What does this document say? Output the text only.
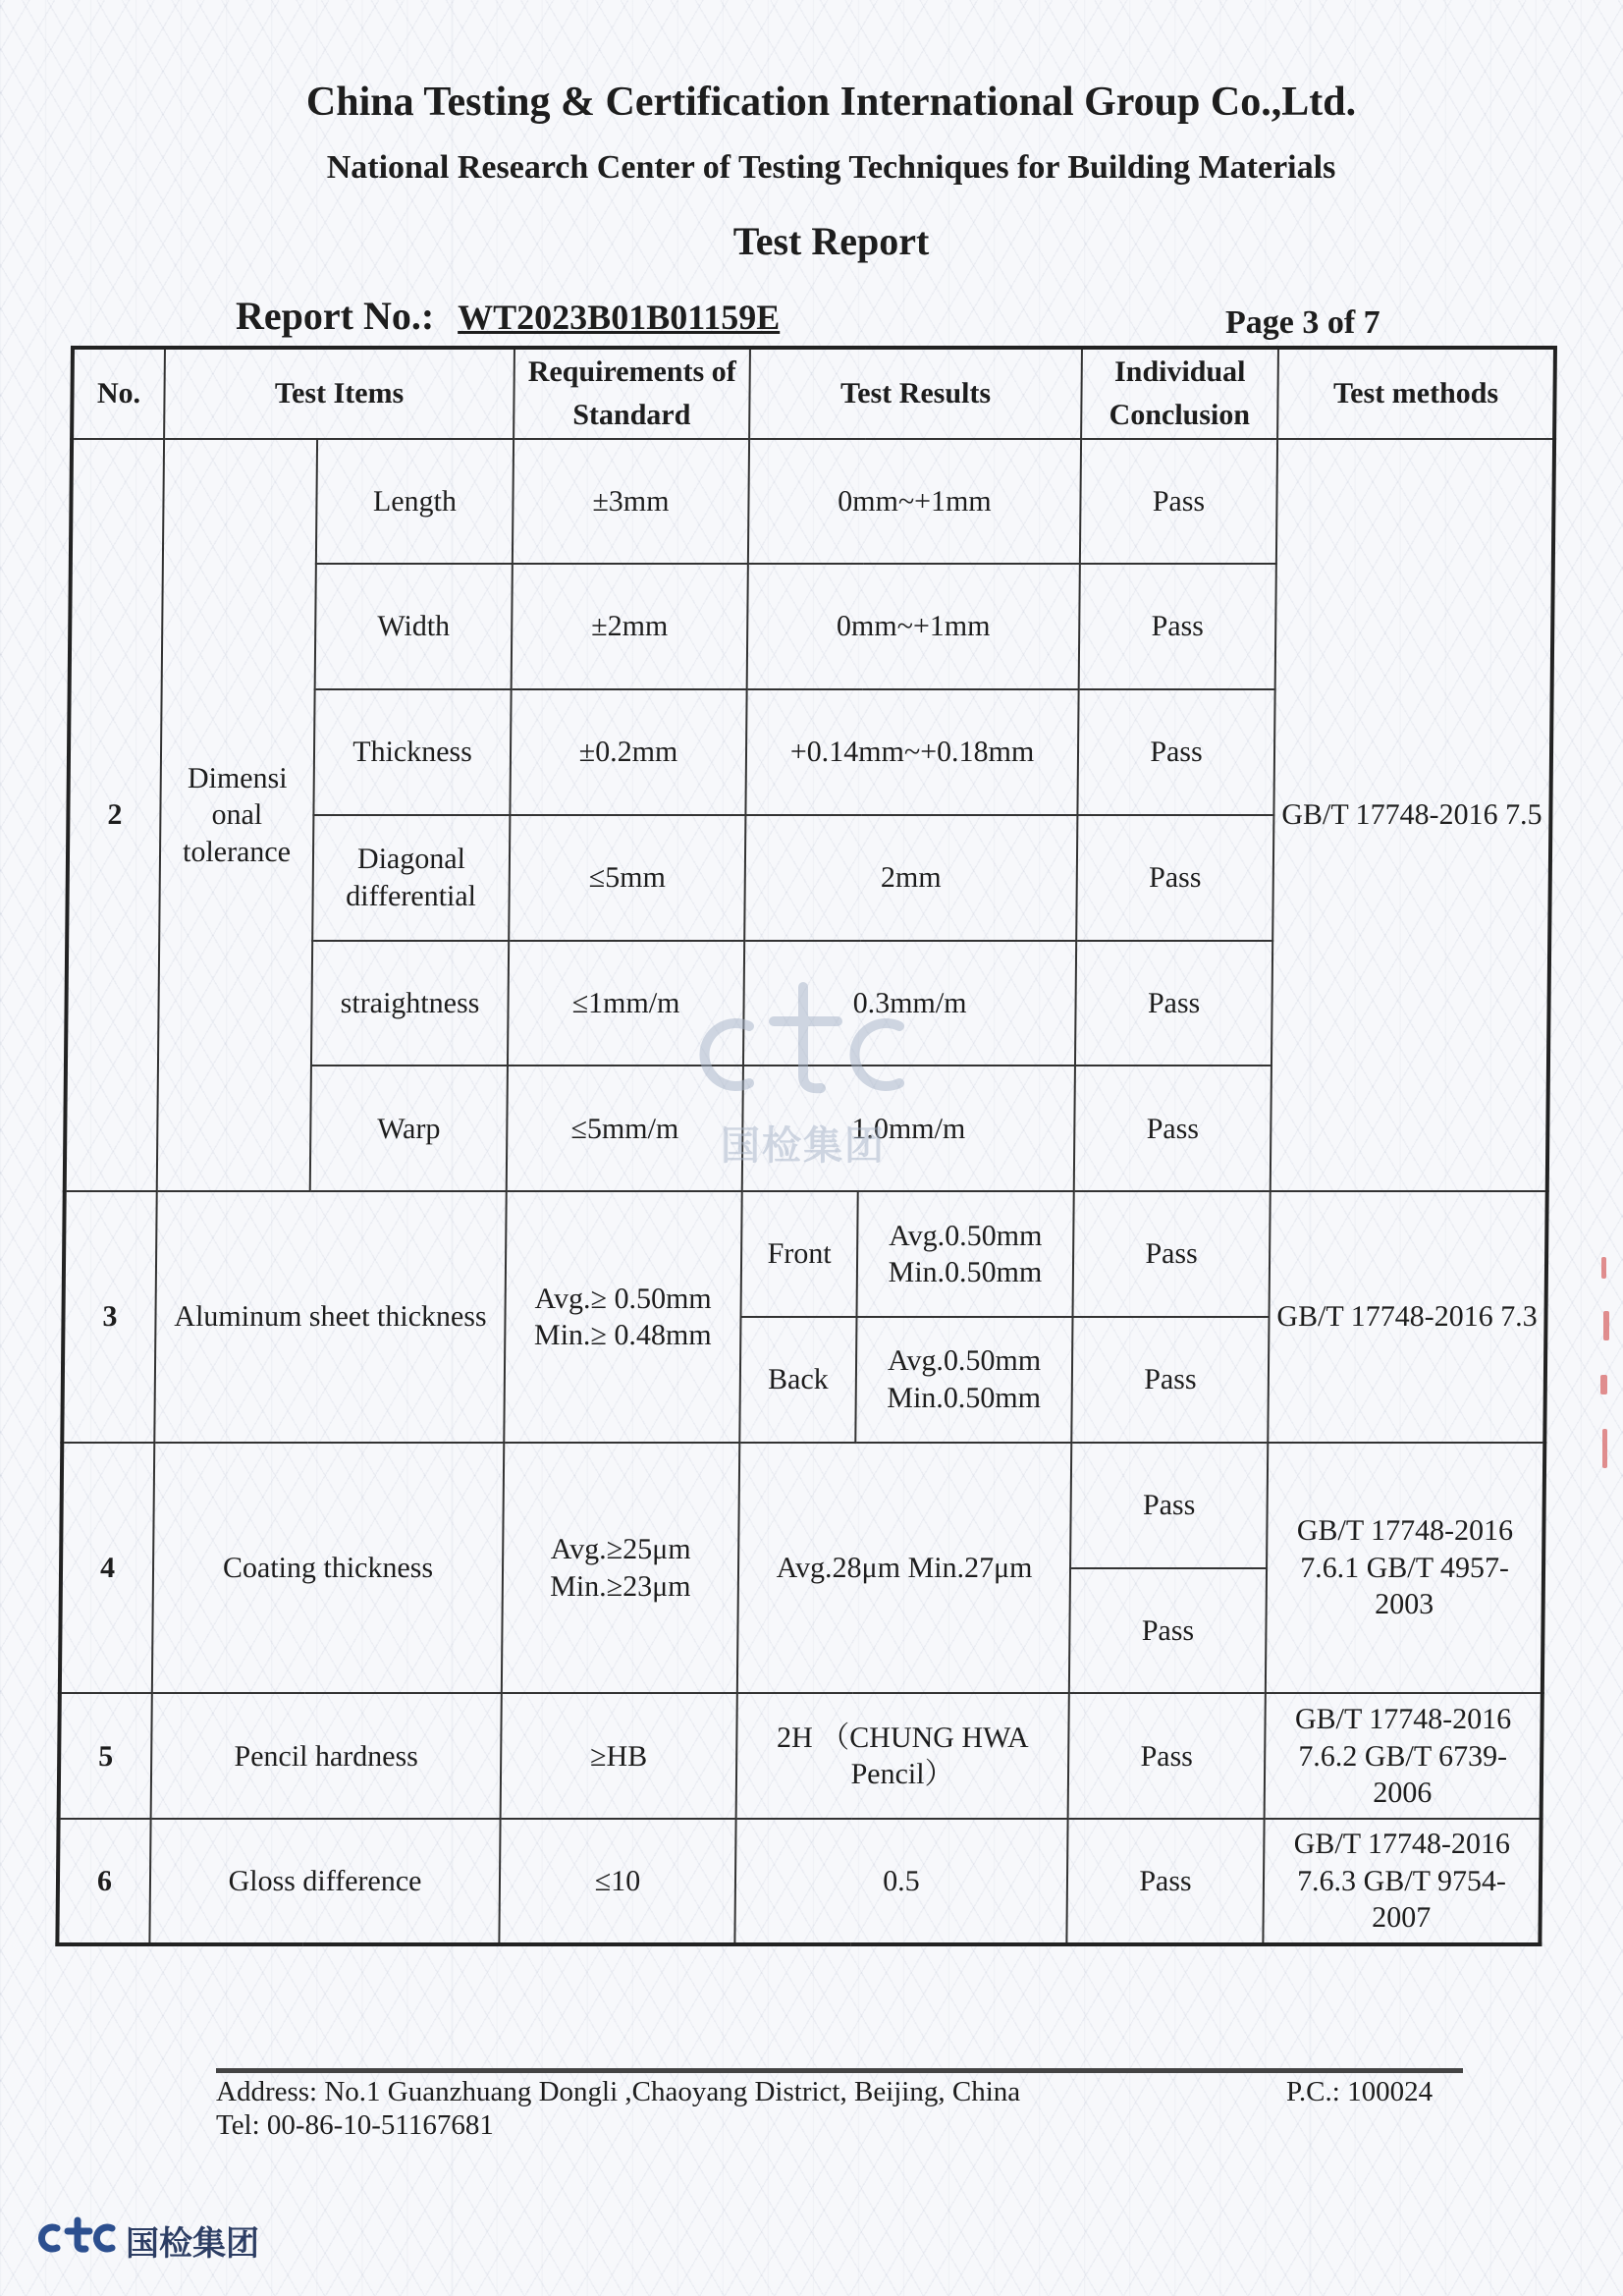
China Testing & Certification International Group Co.,Ltd.
National Research Center of Testing Techniques for Building Materials
Test Report
Report No.: WT2023B01B01159E	Page 3 of 7
No.	Test Items		Requirements of Standard	Test Results		Individual Conclusion	Test methods
2	Dimensi onal tolerance	Length	±3mm	0mm~+1mm		Pass	GB/T 17748-2016 7.5
		Width	±2mm	0mm~+1mm		Pass	
		Thickness	±0.2mm	+0.14mm~+0.18mm		Pass	
		Diagonal differential	≤5mm	2mm		Pass	
		straightness	≤1mm/m	0.3mm/m		Pass	
		Warp	≤5mm/m	1.0mm/m		Pass	
3	Aluminum sheet thickness		Avg.≥ 0.50mm Min.≥ 0.48mm	Front	Avg.0.50mm Min.0.50mm	Pass	GB/T 17748-2016 7.3
				Back	Avg.0.50mm Min.0.50mm	Pass	
4	Coating thickness		Avg.≥25μm Min.≥23μm	Avg.28μm Min.27μm		Pass	GB/T 17748-2016 7.6.1 GB/T 4957-2003
						Pass	
5	Pencil hardness		≥HB	2H （CHUNG HWA Pencil）		Pass	GB/T 17748-2016 7.6.2 GB/T 6739-2006
6	Gloss difference		≤10	0.5		Pass	GB/T 17748-2016 7.6.3 GB/T 9754-2007
国检集团
Address: No.1 Guanzhuang Dongli ,Chaoyang District, Beijing, China
Tel: 00-86-10-51167681
P.C.: 100024
国检集团
